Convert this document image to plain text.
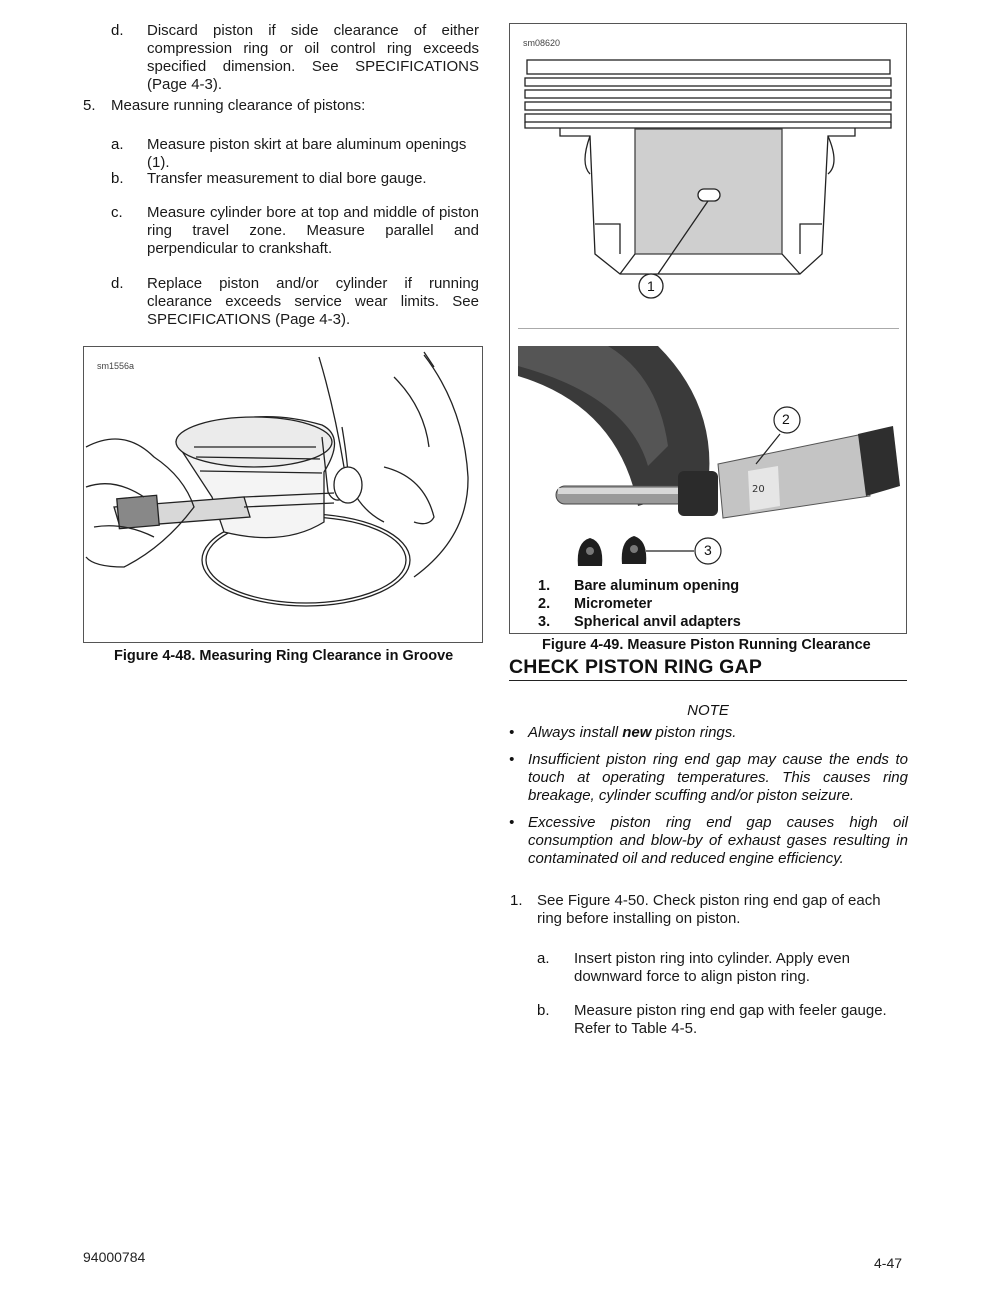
d. Discard piston if side clearance of either compression ring or oil control ring exceeds specified dimension. See SPECIFICATIONS (Page 4-3).
5. Measure running clearance of pistons:
a. Measure piston skirt at bare aluminum openings (1).
b. Transfer measurement to dial bore gauge.
c. Measure cylinder bore at top and middle of piston ring travel zone. Measure parallel and perpendicular to crankshaft.
d. Replace piston and/or cylinder if running clearance exceeds service wear limits. See SPECIFICATIONS (Page 4-3).
sm1556a
Figure 4-48. Measuring Ring Clearance in Groove
sm08620
1
20
2
3
1. Bare aluminum opening
2. Micrometer
3. Spherical anvil adapters
Figure 4-49. Measure Piston Running Clearance
CHECK PISTON RING GAP
NOTE
• Always install new piston rings.
• Insufficient piston ring end gap may cause the ends to touch at operating temperatures. This causes ring breakage, cylinder scuffing and/or piston seizure.
• Excessive piston ring end gap causes high oil consumption and blow-by of exhaust gases resulting in contaminated oil and reduced engine efficiency.
1. See Figure 4-50. Check piston ring end gap of each ring before installing on piston.
a. Insert piston ring into cylinder. Apply even downward force to align piston ring.
b. Measure piston ring end gap with feeler gauge. Refer to Table 4-5.
94000784	4-47
